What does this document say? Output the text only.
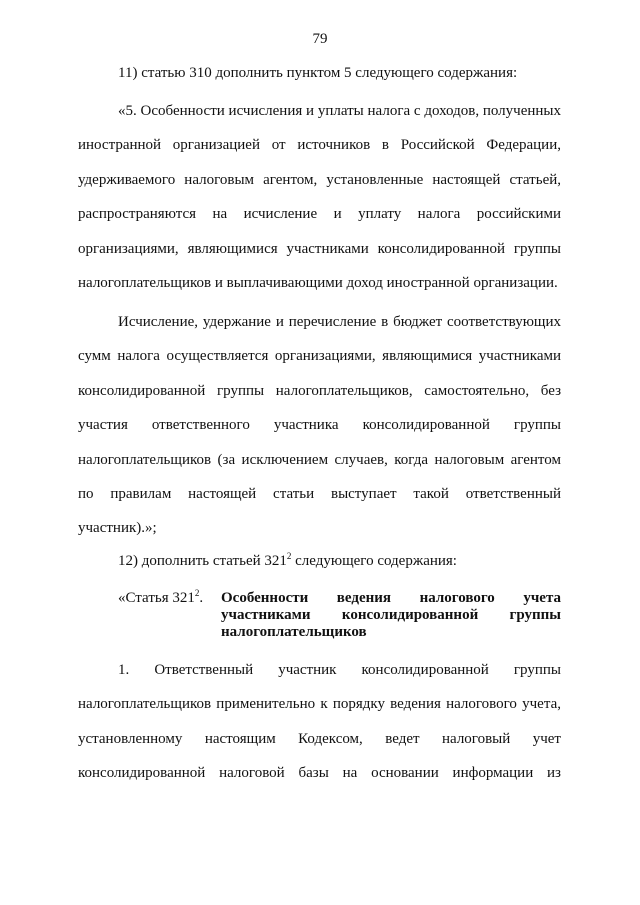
79
11) статью 310 дополнить пунктом 5 следующего содержания:
«5. Особенности исчисления и уплаты налога с доходов, полученных
иностранной организацией от источников в Российской Федерации,
удерживаемого налоговым агентом, установленные настоящей статьей,
распространяются на исчисление и уплату налога российскими
организациями, являющимися участниками консолидированной группы
налогоплательщиков и выплачивающими доход иностранной организации.
Исчисление, удержание и перечисление в бюджет соответствующих
сумм налога осуществляется организациями, являющимися участниками
консолидированной группы налогоплательщиков, самостоятельно, без
участия ответственного участника консолидированной группы
налогоплательщиков (за исключением случаев, когда налоговым агентом
по правилам настоящей статьи выступает такой ответственный
участник).»;
12) дополнить статьей $321^2$ следующего содержания:
«Статья $321^2$. Особенности ведения налогового учета
участниками консолидированной группы
налогоплательщиков
1. Ответственный участник консолидированной группы
налогоплательщиков применительно к порядку ведения налогового учета,
установленному настоящим Кодексом, ведет налоговый учет
консолидированной налоговой базы на основании информации из
